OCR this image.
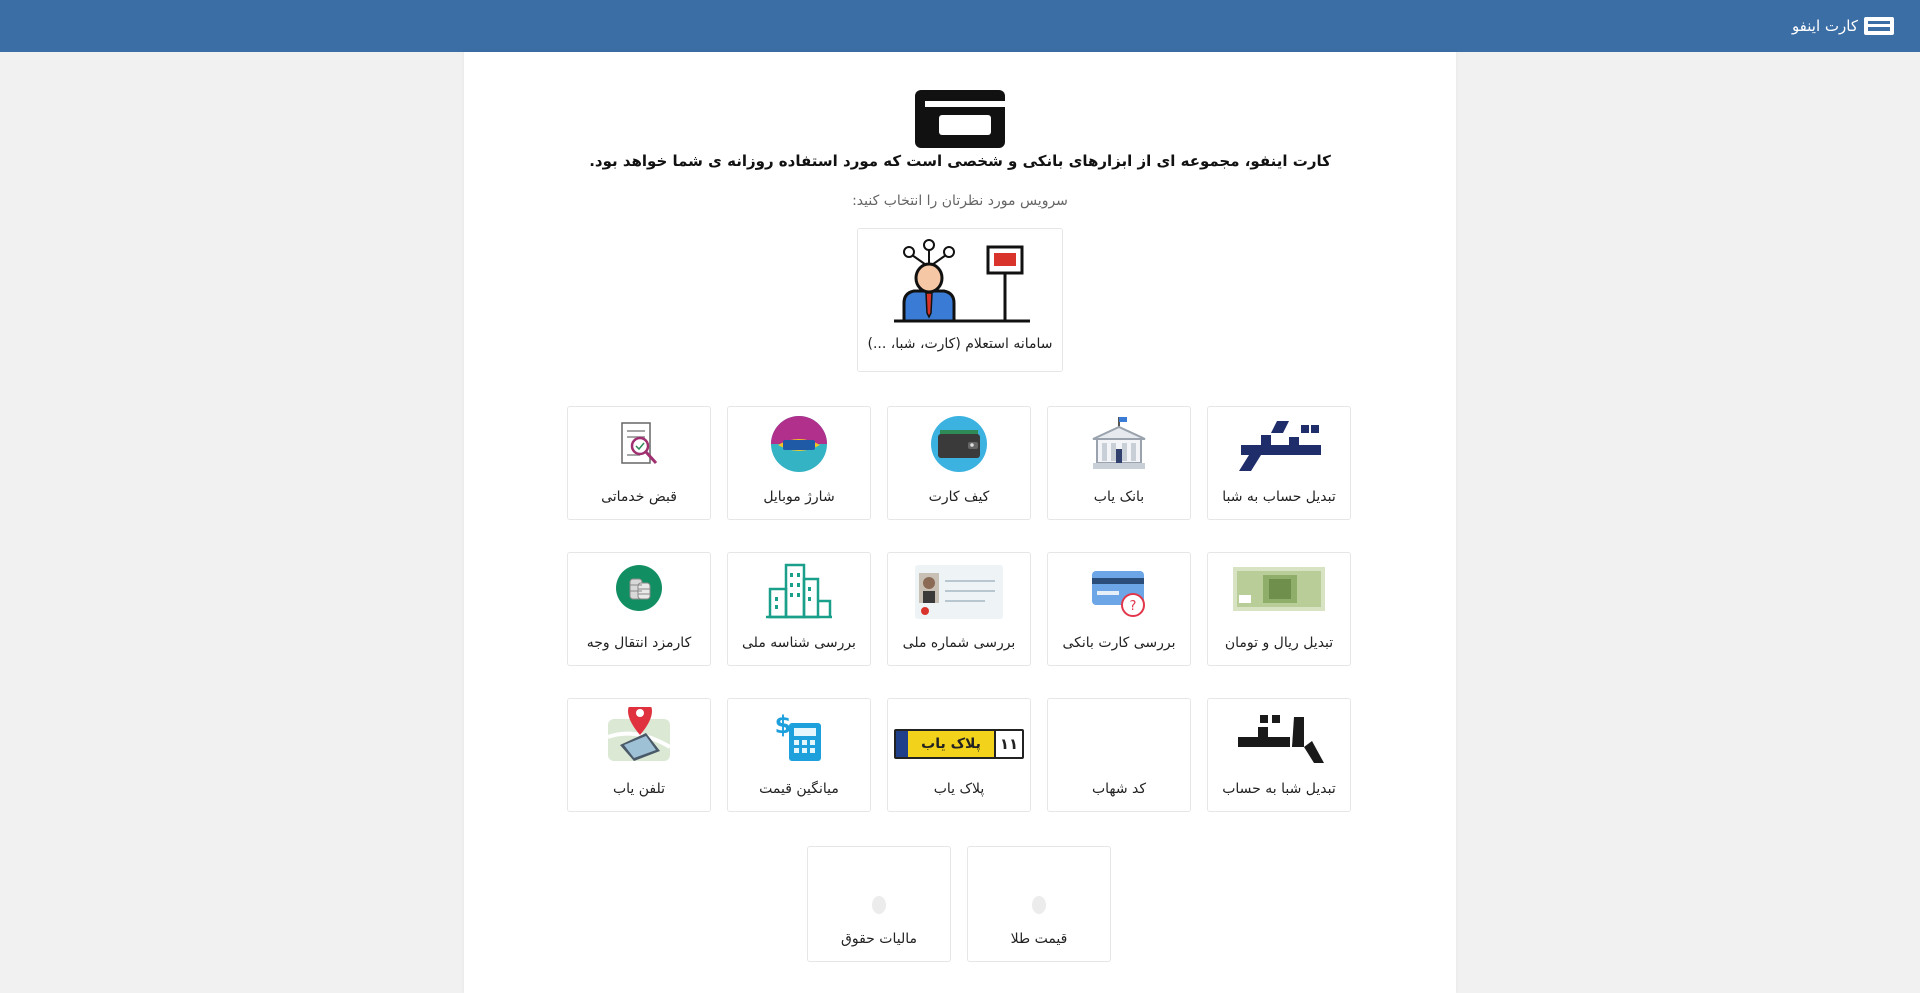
کارت اینفو
کارت اینفو، مجموعه ای از ابزارهای بانکی و شخصی است که مورد استفاده روزانه ی شما خواهد بود.
سرویس مورد نظرتان را انتخاب کنید:
سامانه استعلام (کارت، شبا، ...)
تبدیل حساب به شبا
بانک یاب
کیف کارت
شارژ موبایل
قبض خدماتی
تبدیل ریال و تومان
?
بررسی کارت بانکی
بررسی شماره ملی
بررسی شناسه ملی
کارمزد انتقال وجه
تبدیل شبا به حساب
کد شهاب
پلاک یاب	۱۱
پلاک یاب
$
میانگین قیمت
تلفن یاب
قیمت طلا
مالیات حقوق
